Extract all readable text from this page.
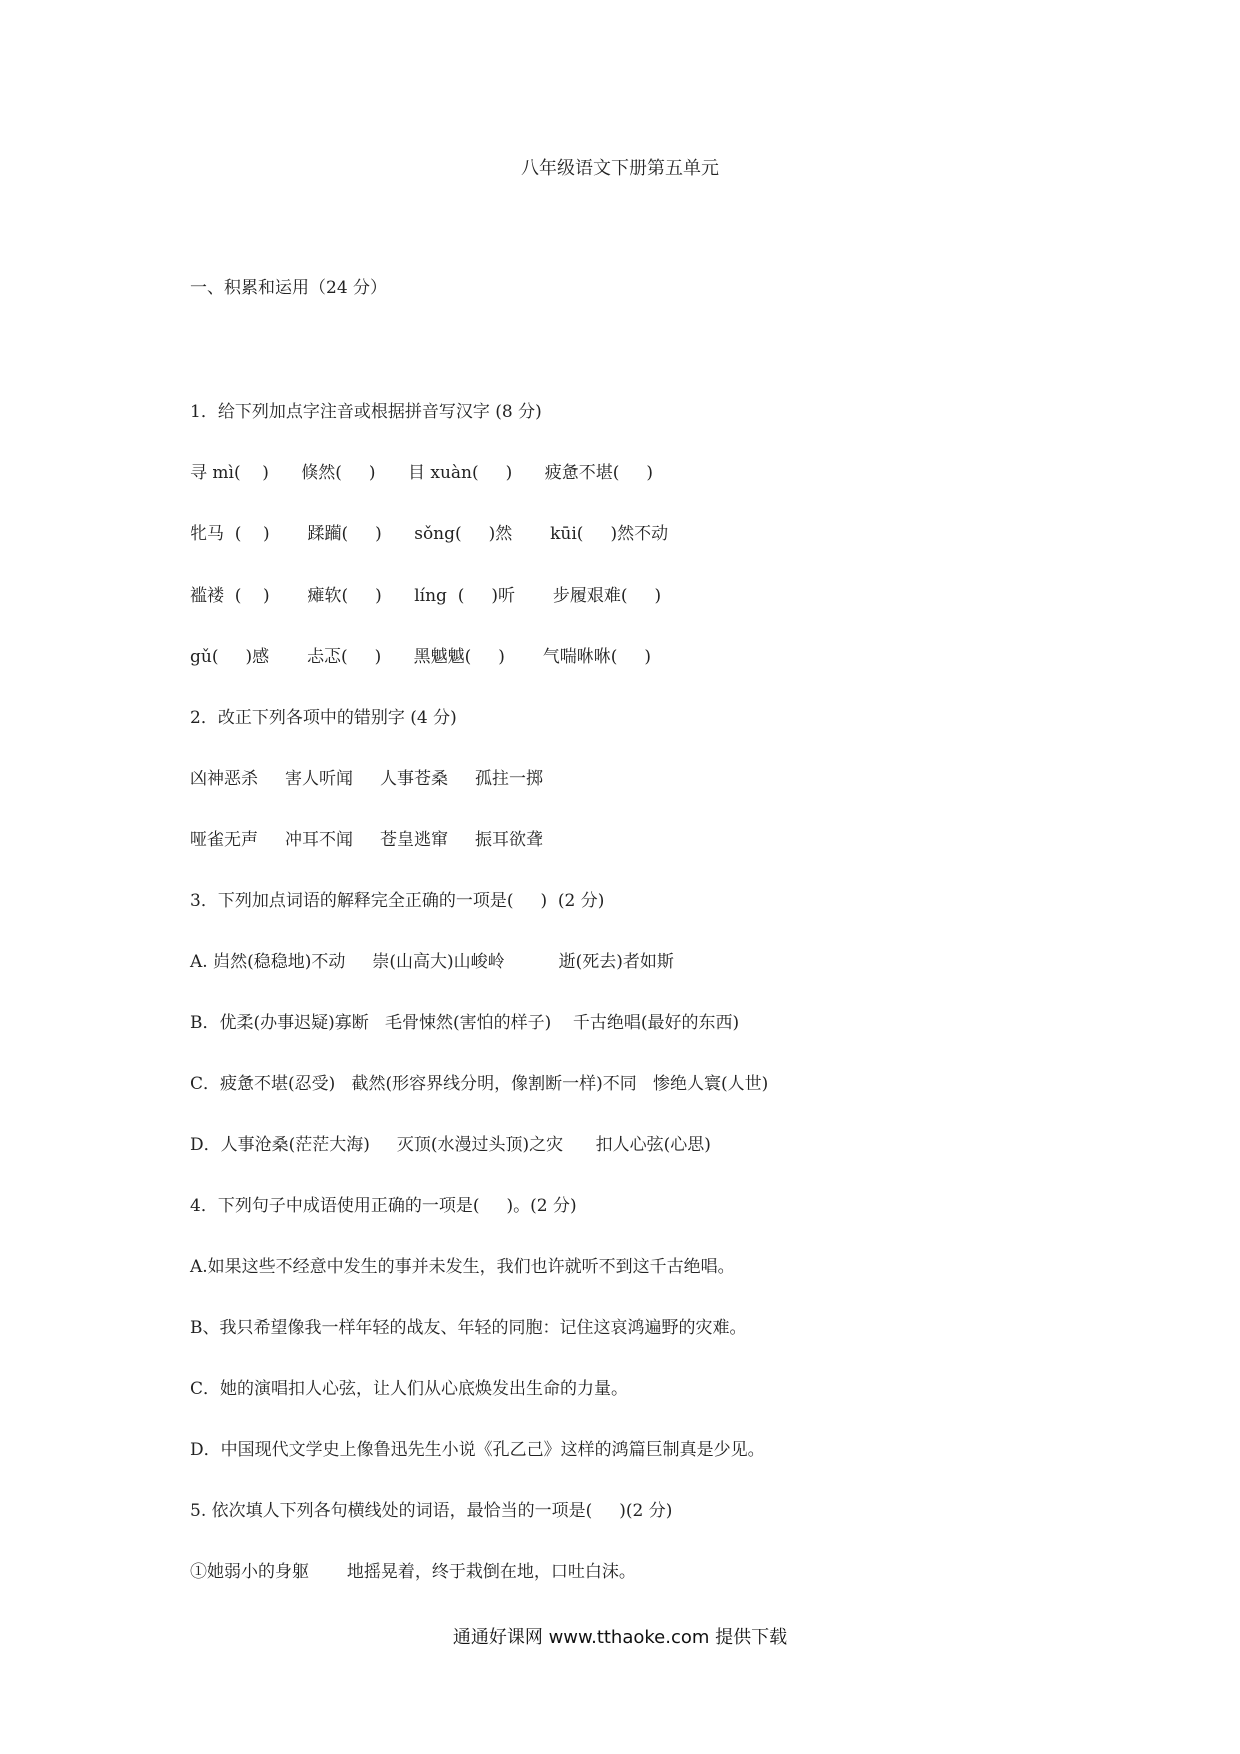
八年级语文下册第五单元
一、积累和运用（24 分）
1．给下列加点字注音或根据拼音写汉字 (8 分)
寻 mì(    )      倏然(     )      目 xuàn(     )      疲惫不堪(     )
牝马  (    )       蹂躏(     )      sǒng(     )然       kūi(     )然不动
褴褛  (    )       瘫软(     )      líng  (     )听       步履艰难(     )
gǔ(     )感       忐忑(     )      黑魆魆(     )       气喘咻咻(     )
2．改正下列各项中的错别字 (4 分)
凶神恶杀     害人听闻     人事苍桑     孤拄一掷
哑雀无声     冲耳不闻     苍皇逃窜     振耳欲聋
3．下列加点词语的解释完全正确的一项是(     )  (2 分)
A. 岿然(稳稳地)不动     崇(山高大)山峻岭          逝(死去)者如斯
B．优柔(办事迟疑)寡断   毛骨悚然(害怕的样子)    千古绝唱(最好的东西)
C．疲惫不堪(忍受)   截然(形容界线分明，像割断一样)不同   惨绝人寰(人世)
D．人事沧桑(茫茫大海)     灭顶(水漫过头顶)之灾      扣人心弦(心思)
4．下列句子中成语使用正确的一项是(     )。(2 分)
A.如果这些不经意中发生的事并未发生，我们也许就听不到这千古绝唱。
B、我只希望像我一样年轻的战友、年轻的同胞：记住这哀鸿遍野的灾难。
C．她的演唱扣人心弦，让人们从心底焕发出生命的力量。
D．中国现代文学史上像鲁迅先生小说《孔乙己》这样的鸿篇巨制真是少见。
5. 依次填人下列各句横线处的词语，最恰当的一项是(     )(2 分)
①她弱小的身躯       地摇晃着，终于栽倒在地，口吐白沫。
通通好课网 www.tthaoke.com 提供下载
